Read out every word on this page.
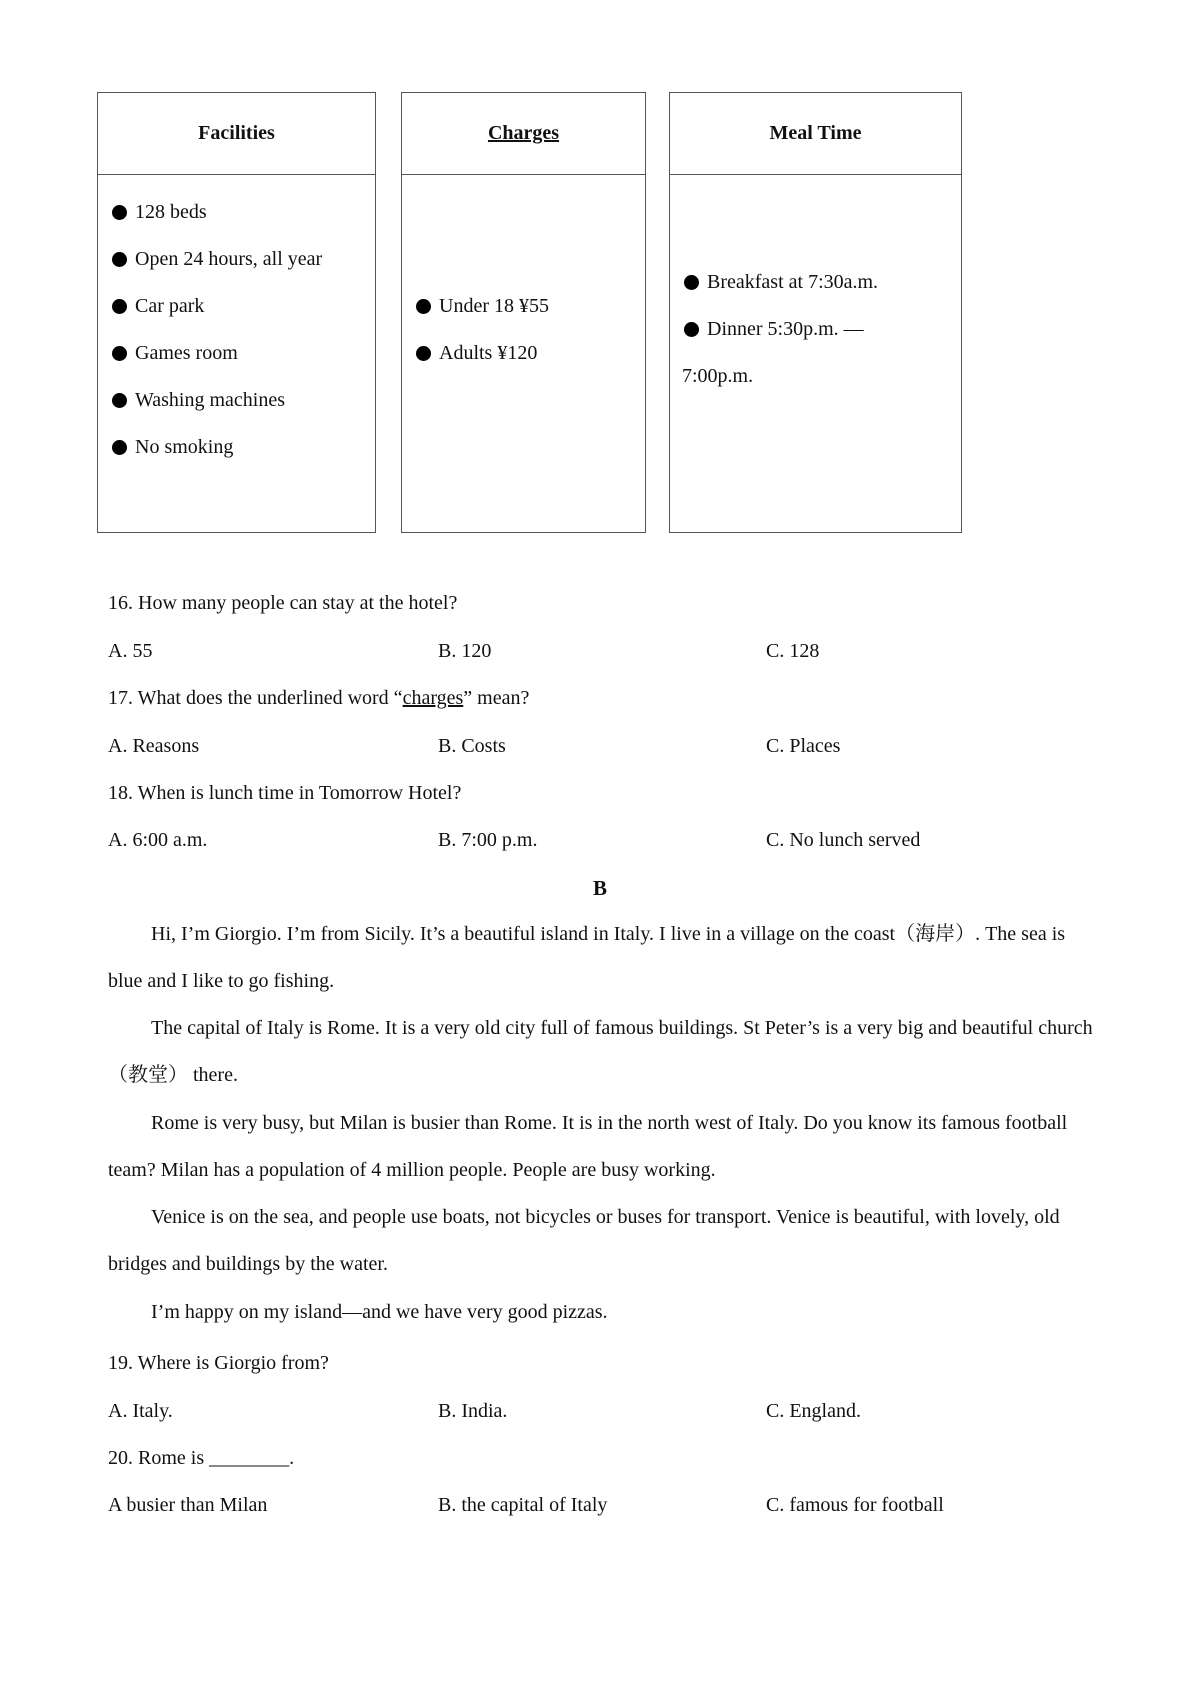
Facilities
128 beds
Open 24 hours, all year
Car park
Games room
Washing machines
No smoking
Charges
Under 18 ¥55
Adults ¥120
Meal Time
Breakfast at 7:30a.m.
Dinner 5:30p.m. —
7:00p.m.
16. How many people can stay at the hotel?
A. 55	B. 120	C. 128
17. What does the underlined word “charges” mean?
A. Reasons	B. Costs	C. Places
18. When is lunch time in Tomorrow Hotel?
A. 6:00 a.m.	B. 7:00 p.m.	C. No lunch served
B

Hi, I’m Giorgio. I’m from Sicily. It’s a beautiful island in Italy. I live in a village on the coast（海岸）. The sea is blue and I like to go fishing.

The capital of Italy is Rome. It is a very old city full of famous buildings. St Peter’s is a very big and beautiful church（教堂） there.

Rome is very busy, but Milan is busier than Rome. It is in the north west of Italy. Do you know its famous football team? Milan has a population of 4 million people. People are busy working.

Venice is on the sea, and people use boats, not bicycles or buses for transport. Venice is beautiful, with lovely, old bridges and buildings by the water.

I’m happy on my island—and we have very good pizzas.

19. Where is Giorgio from?
A. Italy.	B. India.	C. England.
20. Rome is ________.
A busier than Milan	B. the capital of Italy	C. famous for football
